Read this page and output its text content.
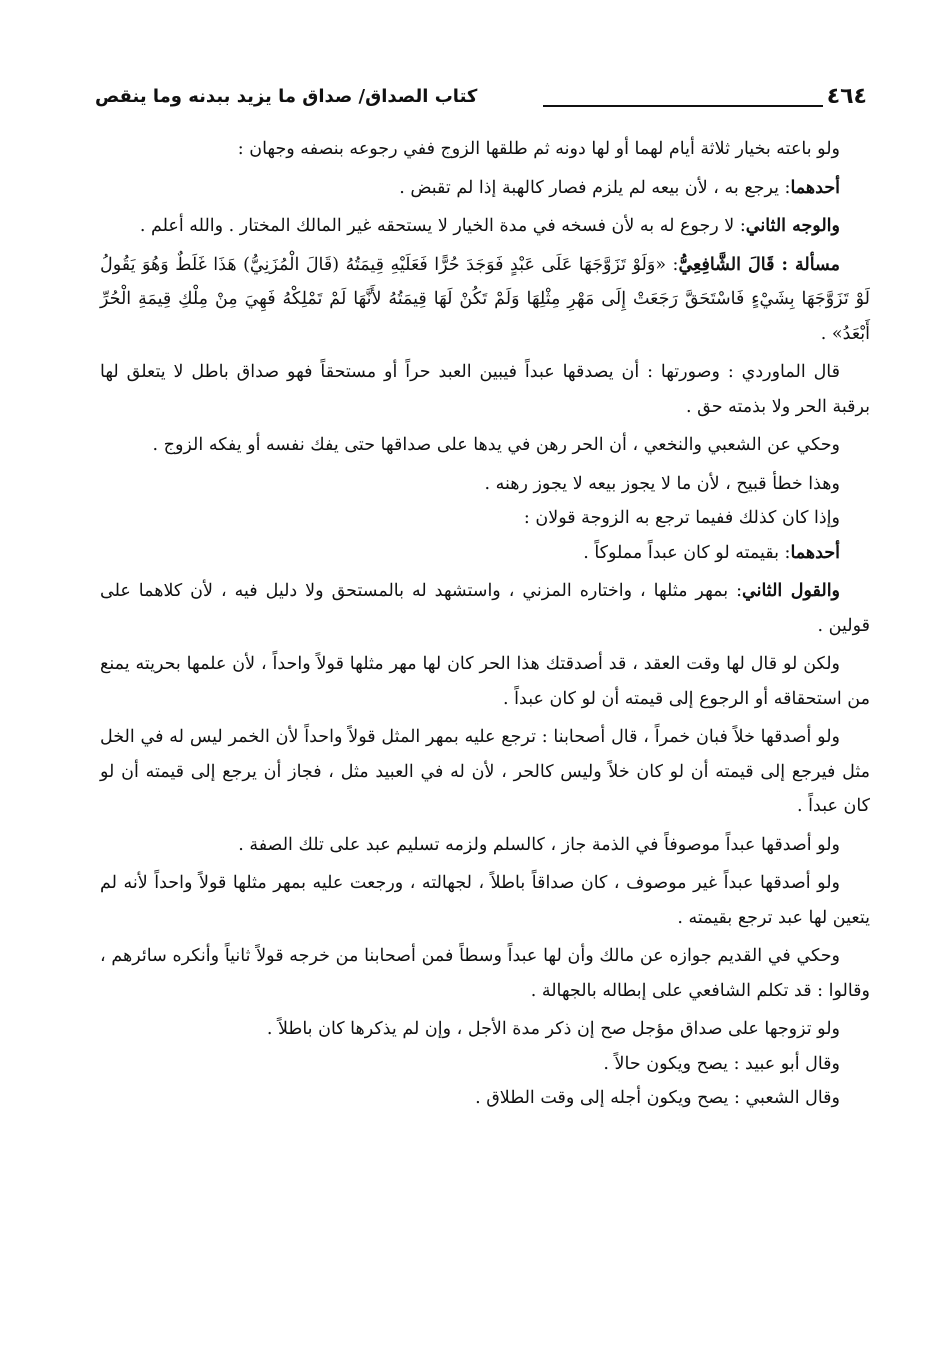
٤٦٤
كتاب الصداق/ صداق ما يزيد ببدنه وما ينقص

ولو باعته بخيار ثلاثة أيام لهما أو لها دونه ثم طلقها الزوج ففي رجوعه بنصفه وجهان :

أحدهما: يرجع به ، لأن بيعه لم يلزم فصار كالهبة إذا لم تقبض .

والوجه الثاني: لا رجوع له به لأن فسخه في مدة الخيار لا يستحقه غير المالك المختار . والله أعلم .

مسألة : قَالَ الشَّافِعِيُّ: «وَلَوْ تَزَوَّجَهَا عَلَى عَبْدٍ فَوَجَدَ حُرًّا فَعَلَيْهِ قِيمَتُهُ (قَالَ الْمُزَنِيُّ) هَذَا غَلَطٌ وَهُوَ يَقُولُ لَوْ تَزَوَّجَهَا بِشَيْءٍ فَاسْتَحَقَّ رَجَعَتْ إِلَى مَهْرِ مِثْلِهَا وَلَمْ تَكُنْ لَهَا قِيمَتُهُ لأَنَّهَا لَمْ تَمْلِكْهُ فَهِيَ مِنْ مِلْكِ قِيمَةِ الْحُرِّ أَبْعَدُ» .

قال الماوردي : وصورتها : أن يصدقها عبداً فيبين العبد حراً أو مستحقاً فهو صداق باطل لا يتعلق لها برقبة الحر ولا بذمته حق .

وحكي عن الشعبي والنخعي ، أن الحر رهن في يدها على صداقها حتى يفك نفسه أو يفكه الزوج .

وهذا خطأ قبيح ، لأن ما لا يجوز بيعه لا يجوز رهنه .

وإذا كان كذلك ففيما ترجع به الزوجة قولان :

أحدهما: بقيمته لو كان عبداً مملوكاً .

والقول الثاني: بمهر مثلها ، واختاره المزني ، واستشهد له بالمستحق ولا دليل فيه ، لأن كلاهما على قولين .

ولكن لو قال لها وقت العقد ، قد أصدقتك هذا الحر كان لها مهر مثلها قولاً واحداً ، لأن علمها بحريته يمنع من استحقاقه أو الرجوع إلى قيمته أن لو كان عبداً .

ولو أصدقها خلاً فبان خمراً ، قال أصحابنا : ترجع عليه بمهر المثل قولاً واحداً لأن الخمر ليس له في الخل مثل فيرجع إلى قيمته أن لو كان خلاً وليس كالحر ، لأن له في العبيد مثل ، فجاز أن يرجع إلى قيمته أن لو كان عبداً .

ولو أصدقها عبداً موصوفاً في الذمة جاز ، كالسلم ولزمه تسليم عبد على تلك الصفة .

ولو أصدقها عبداً غير موصوف ، كان صداقاً باطلاً ، لجهالته ، ورجعت عليه بمهر مثلها قولاً واحداً لأنه لم يتعين لها عبد ترجع بقيمته .

وحكي في القديم جوازه عن مالك وأن لها عبداً وسطاً فمن أصحابنا من خرجه قولاً ثانياً وأنكره سائرهم ، وقالوا : قد تكلم الشافعي على إبطاله بالجهالة .

ولو تزوجها على صداق مؤجل صح إن ذكر مدة الأجل ، وإن لم يذكرها كان باطلاً .

وقال أبو عبيد : يصح ويكون حالاً .

وقال الشعبي : يصح ويكون أجله إلى وقت الطلاق .
